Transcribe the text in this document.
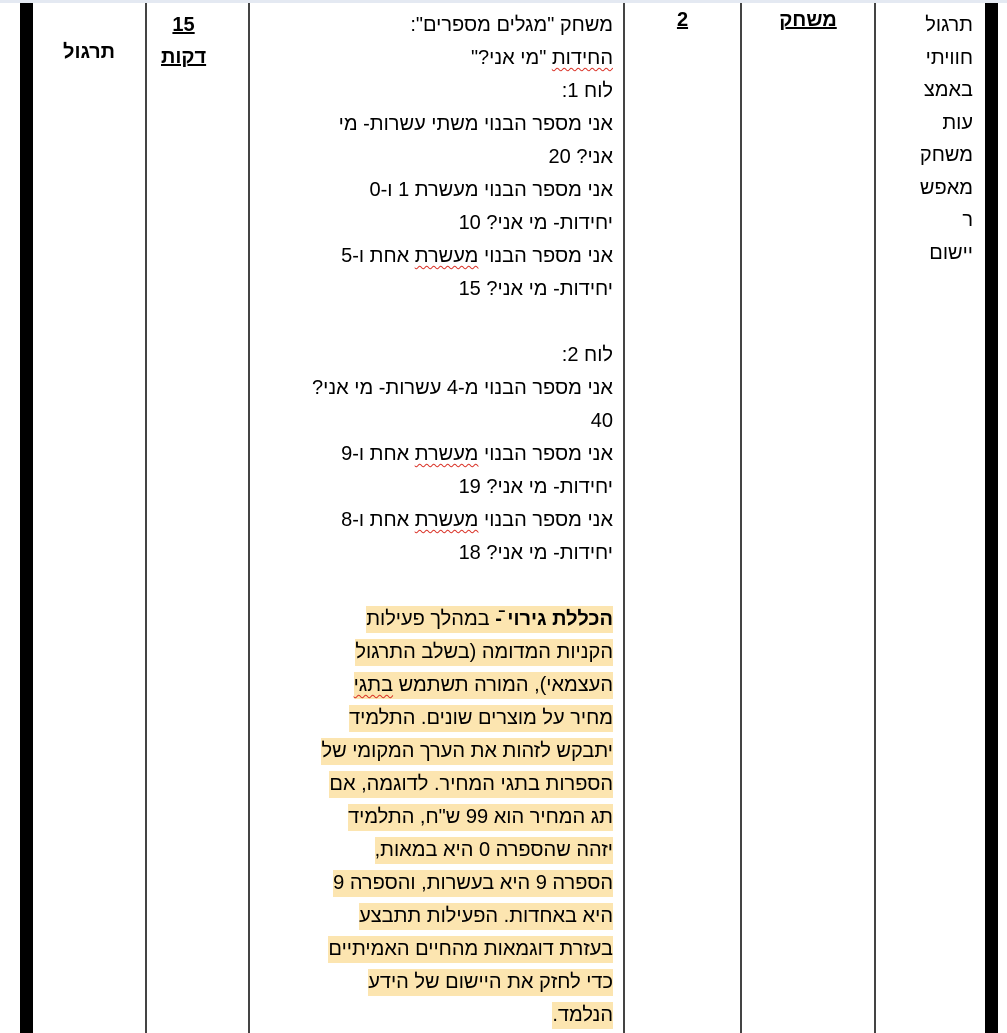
תרגול
15
דקות
משחק "מגלים מספרים":
החידות "מי אני?"
לוח 1:
אני מספר הבנוי משתי עשרות- מי
אני? 20
אני מספר הבנוי מעשרת 1 ו-0
יחידות- מי אני? 10
אני מספר הבנוי מעשרת אחת ו-5
יחידות- מי אני? 15
לוח 2:
אני מספר הבנוי מ-4 עשרות- מי אני?
40
אני מספר הבנוי מעשרת אחת ו-9
יחידות- מי אני? 19
אני מספר הבנוי מעשרת אחת ו-8
יחידות- מי אני? 18
הכללת גירוי ̄- במהלך פעילות
הקניות המדומה (בשלב התרגול
העצמאי), המורה תשתמש בתגי
מחיר על מוצרים שונים. התלמיד
יתבקש לזהות את הערך המקומי של
הספרות בתגי המחיר. לדוגמה, אם
תג המחיר הוא 99 ש"ח, התלמיד
יזהה שהספרה 0 היא במאות,
הספרה 9 היא בעשרות, והספרה 9
היא באחדות. הפעילות תתבצע
בעזרת דוגמאות מהחיים האמיתיים
כדי לחזק את היישום של הידע
הנלמד.
2	משחק	תרגול
חוויתי
באמצ
עות
משחק
מאפש
ר
יישום
